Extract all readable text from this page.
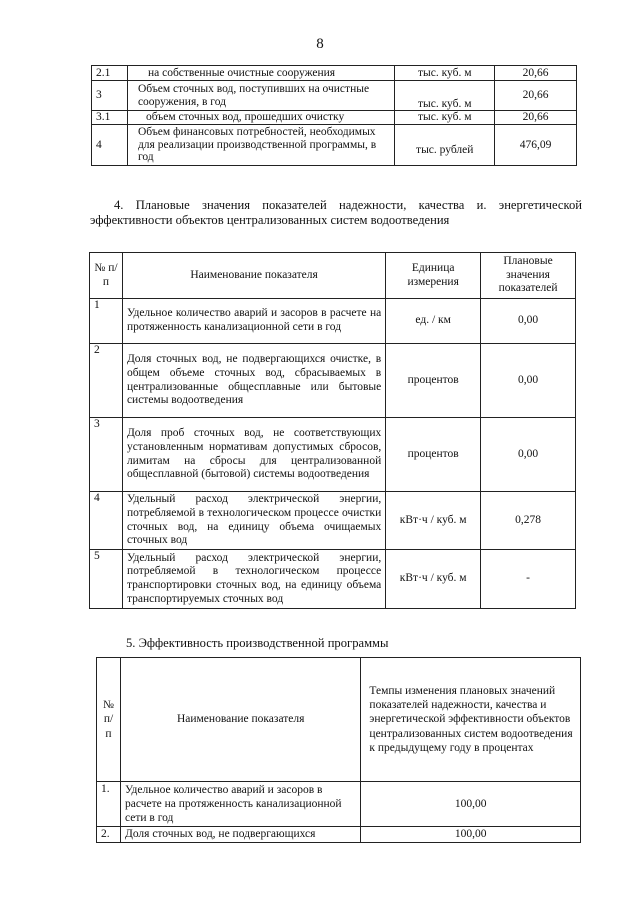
8
2.1	на собственные очистные сооружения	тыс. куб. м	20,66
3	Объем сточных вод, поступивших на очистные сооружения, в год	тыс. куб. м	20,66
3.1	объем сточных вод, прошедших очистку	тыс. куб. м	20,66
4	Объем финансовых потребностей, необходимых для реализации производственной программы, в год	тыс. рублей	476,09
4. Плановые значения показателей надежности, качества и. энергетической эффективности объектов централизованных систем водоотведения
№ п/п	Наименование показателя	Единица измерения	Плановые значения показателей
1	Удельное количество аварий и засоров в расчете на протяженность канализационной сети в год	ед. / км	0,00
2	Доля сточных вод, не подвергающихся очистке, в общем объеме сточных вод, сбрасываемых в централизованные общесплавные или бытовые системы водоотведения	процентов	0,00
3	Доля проб сточных вод, не соответствующих установленным нормативам допустимых сбросов, лимитам на сбросы для централизованной общесплавной (бытовой) системы водоотведения	процентов	0,00
4	Удельный расход электрической энергии, потребляемой в технологическом процессе очистки сточных вод, на единицу объема очищаемых сточных вод	кВт·ч / куб. м	0,278
5	Удельный расход электрической энергии, потребляемой в технологическом процессе транспортировки сточных вод, на единицу объема транспортируемых сточных вод	кВт·ч / куб. м	-
5. Эффективность производственной программы
№ п/п	Наименование показателя	Темпы изменения плановых значений показателей надежности, качества и энергетической эффективности объектов централизованных систем водоотведения к предыдущему году в процентах
1.	Удельное количество аварий и засоров в расчете на протяженность канализационной сети в год	100,00
2.	Доля сточных вод, не подвергающихся	100,00
